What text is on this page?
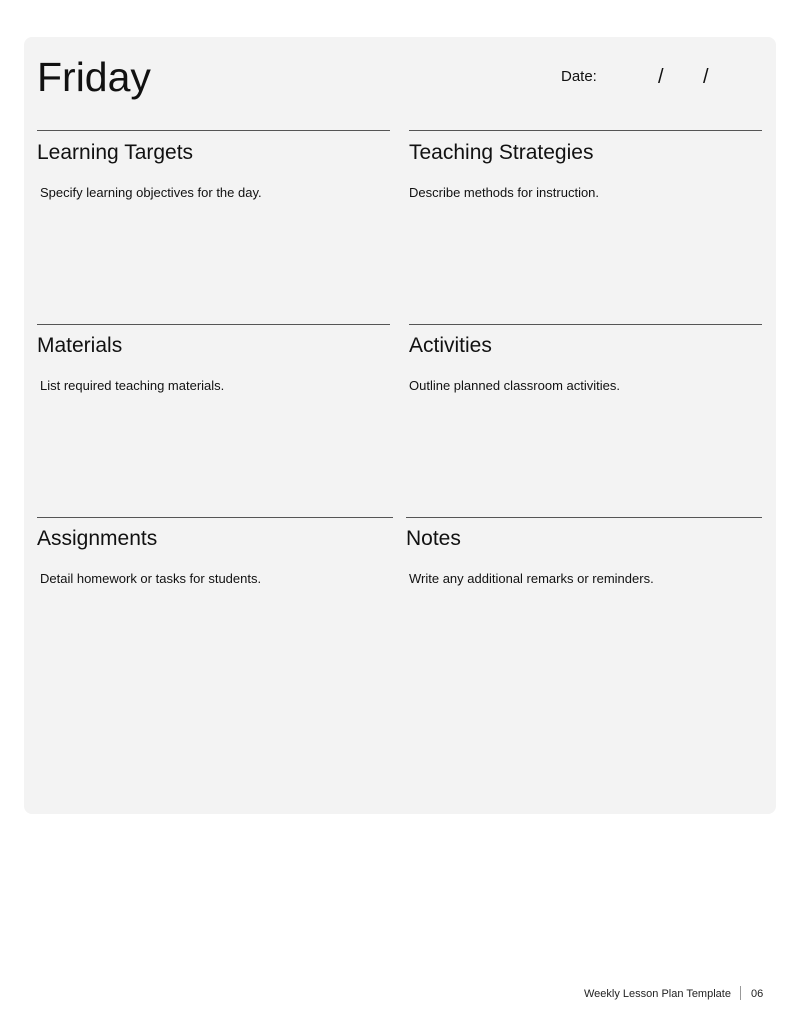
Friday	Date:	/ /
Learning Targets
Specify learning objectives for the day.
Teaching Strategies
Describe methods for instruction.
Materials
List required teaching materials.
Activities
Outline planned classroom activities.
Assignments
Detail homework or tasks for students.
Notes
Write any additional remarks or reminders.
Weekly Lesson Plan Template 06
